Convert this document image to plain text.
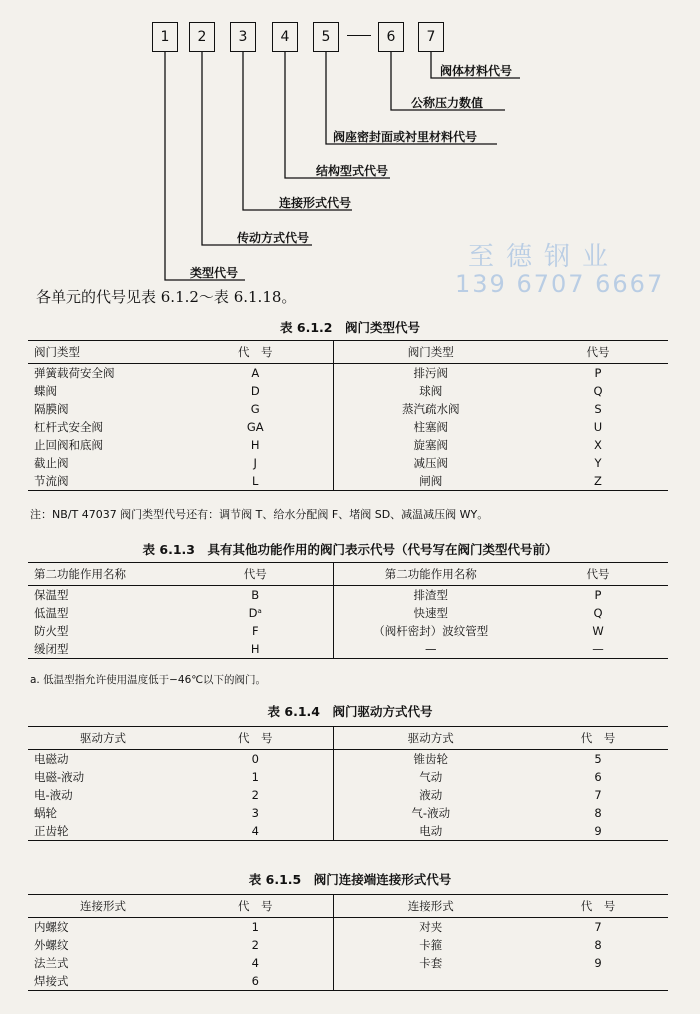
1	2	3	4	5	6	7
阀体材料代号
公称压力数值
阀座密封面或衬里材料代号
结构型式代号
连接形式代号
传动方式代号
类型代号
至德钢业
139 6707 6667
各单元的代号见表 6.1.2～表 6.1.18。
表 6.1.2　阀门类型代号
阀门类型	代　号	阀门类型	代号
弹簧载荷安全阀	A	排污阀	P
蝶阀	D	球阀	Q
隔膜阀	G	蒸汽疏水阀	S
杠杆式安全阀	GA	柱塞阀	U
止回阀和底阀	H	旋塞阀	X
截止阀	J	减压阀	Y
节流阀	L	闸阀	Z
注：NB/T 47037 阀门类型代号还有：调节阀 T、给水分配阀 F、堵阀 SD、减温减压阀 WY。
表 6.1.3　具有其他功能作用的阀门表示代号（代号写在阀门类型代号前）
第二功能作用名称	代号	第二功能作用名称	代号
保温型	B	排渣型	P
低温型	Dᵃ	快速型	Q
防火型	F	（阀杆密封）波纹管型	W
缓闭型	H	—	—
a. 低温型指允许使用温度低于−46℃以下的阀门。
表 6.1.4　阀门驱动方式代号
驱动方式	代　号	驱动方式	代　号
电磁动	0	锥齿轮	5
电磁-液动	1	气动	6
电-液动	2	液动	7
蜗轮	3	气-液动	8
正齿轮	4	电动	9
表 6.1.5　阀门连接端连接形式代号
连接形式	代　号	连接形式	代　号
内螺纹	1	对夹	7
外螺纹	2	卡箍	8
法兰式	4	卡套	9
焊接式	6		
